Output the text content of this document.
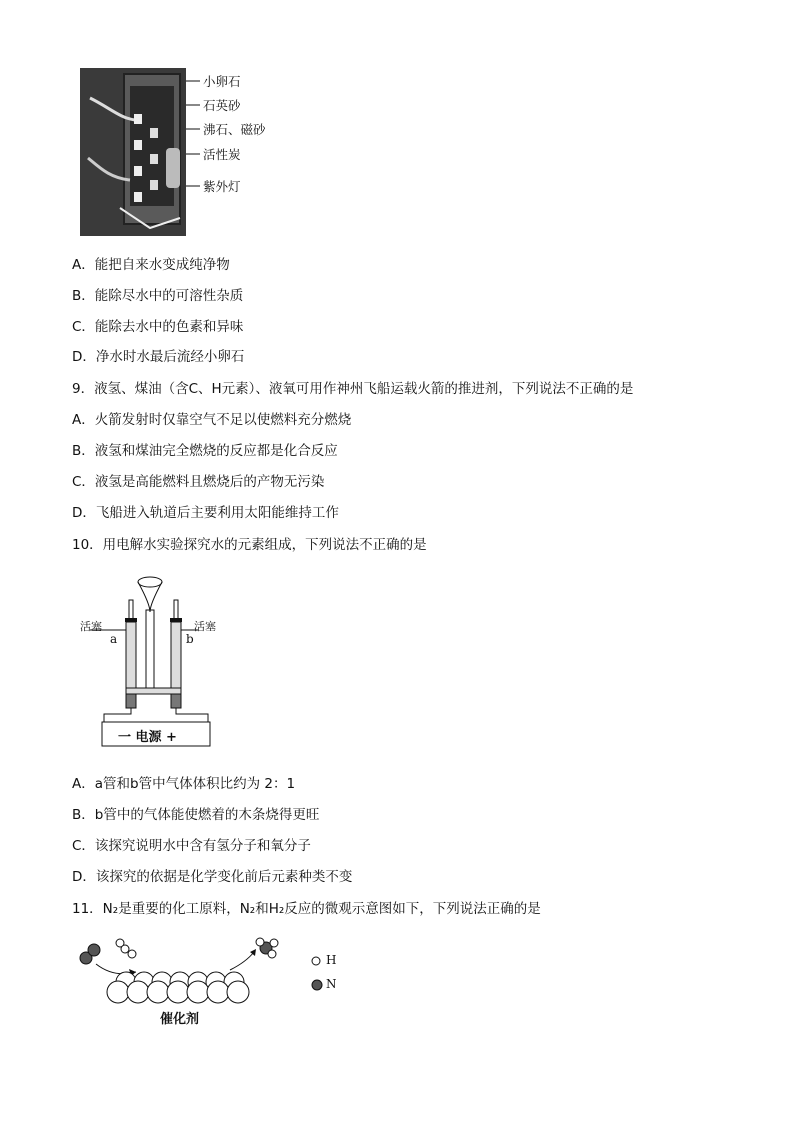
小卵石
石英砂
沸石、磁砂
活性炭
紫外灯
A．能把自来水变成纯净物
B．能除尽水中的可溶性杂质
C．能除去水中的色素和异味
D．净水时水最后流经小卵石
9．液氢、煤油（含C、H元素）、液氧可用作神州飞船运载火箭的推进剂，下列说法不正确的是
A．火箭发射时仅靠空气不足以使燃料充分燃烧
B．液氢和煤油完全燃烧的反应都是化合反应
C．液氢是高能燃料且燃烧后的产物无污染
D．飞船进入轨道后主要利用太阳能维持工作
10．用电解水实验探究水的元素组成，下列说法不正确的是
活塞
a	b
活塞
一 电源 +
A．a管和b管中气体体积比约为 2：1
B．b管中的气体能使燃着的木条烧得更旺
C．该探究说明水中含有氢分子和氧分子
D．该探究的依据是化学变化前后元素种类不变
11．N₂是重要的化工原料，N₂和H₂反应的微观示意图如下，下列说法正确的是
催化剂
H
N
